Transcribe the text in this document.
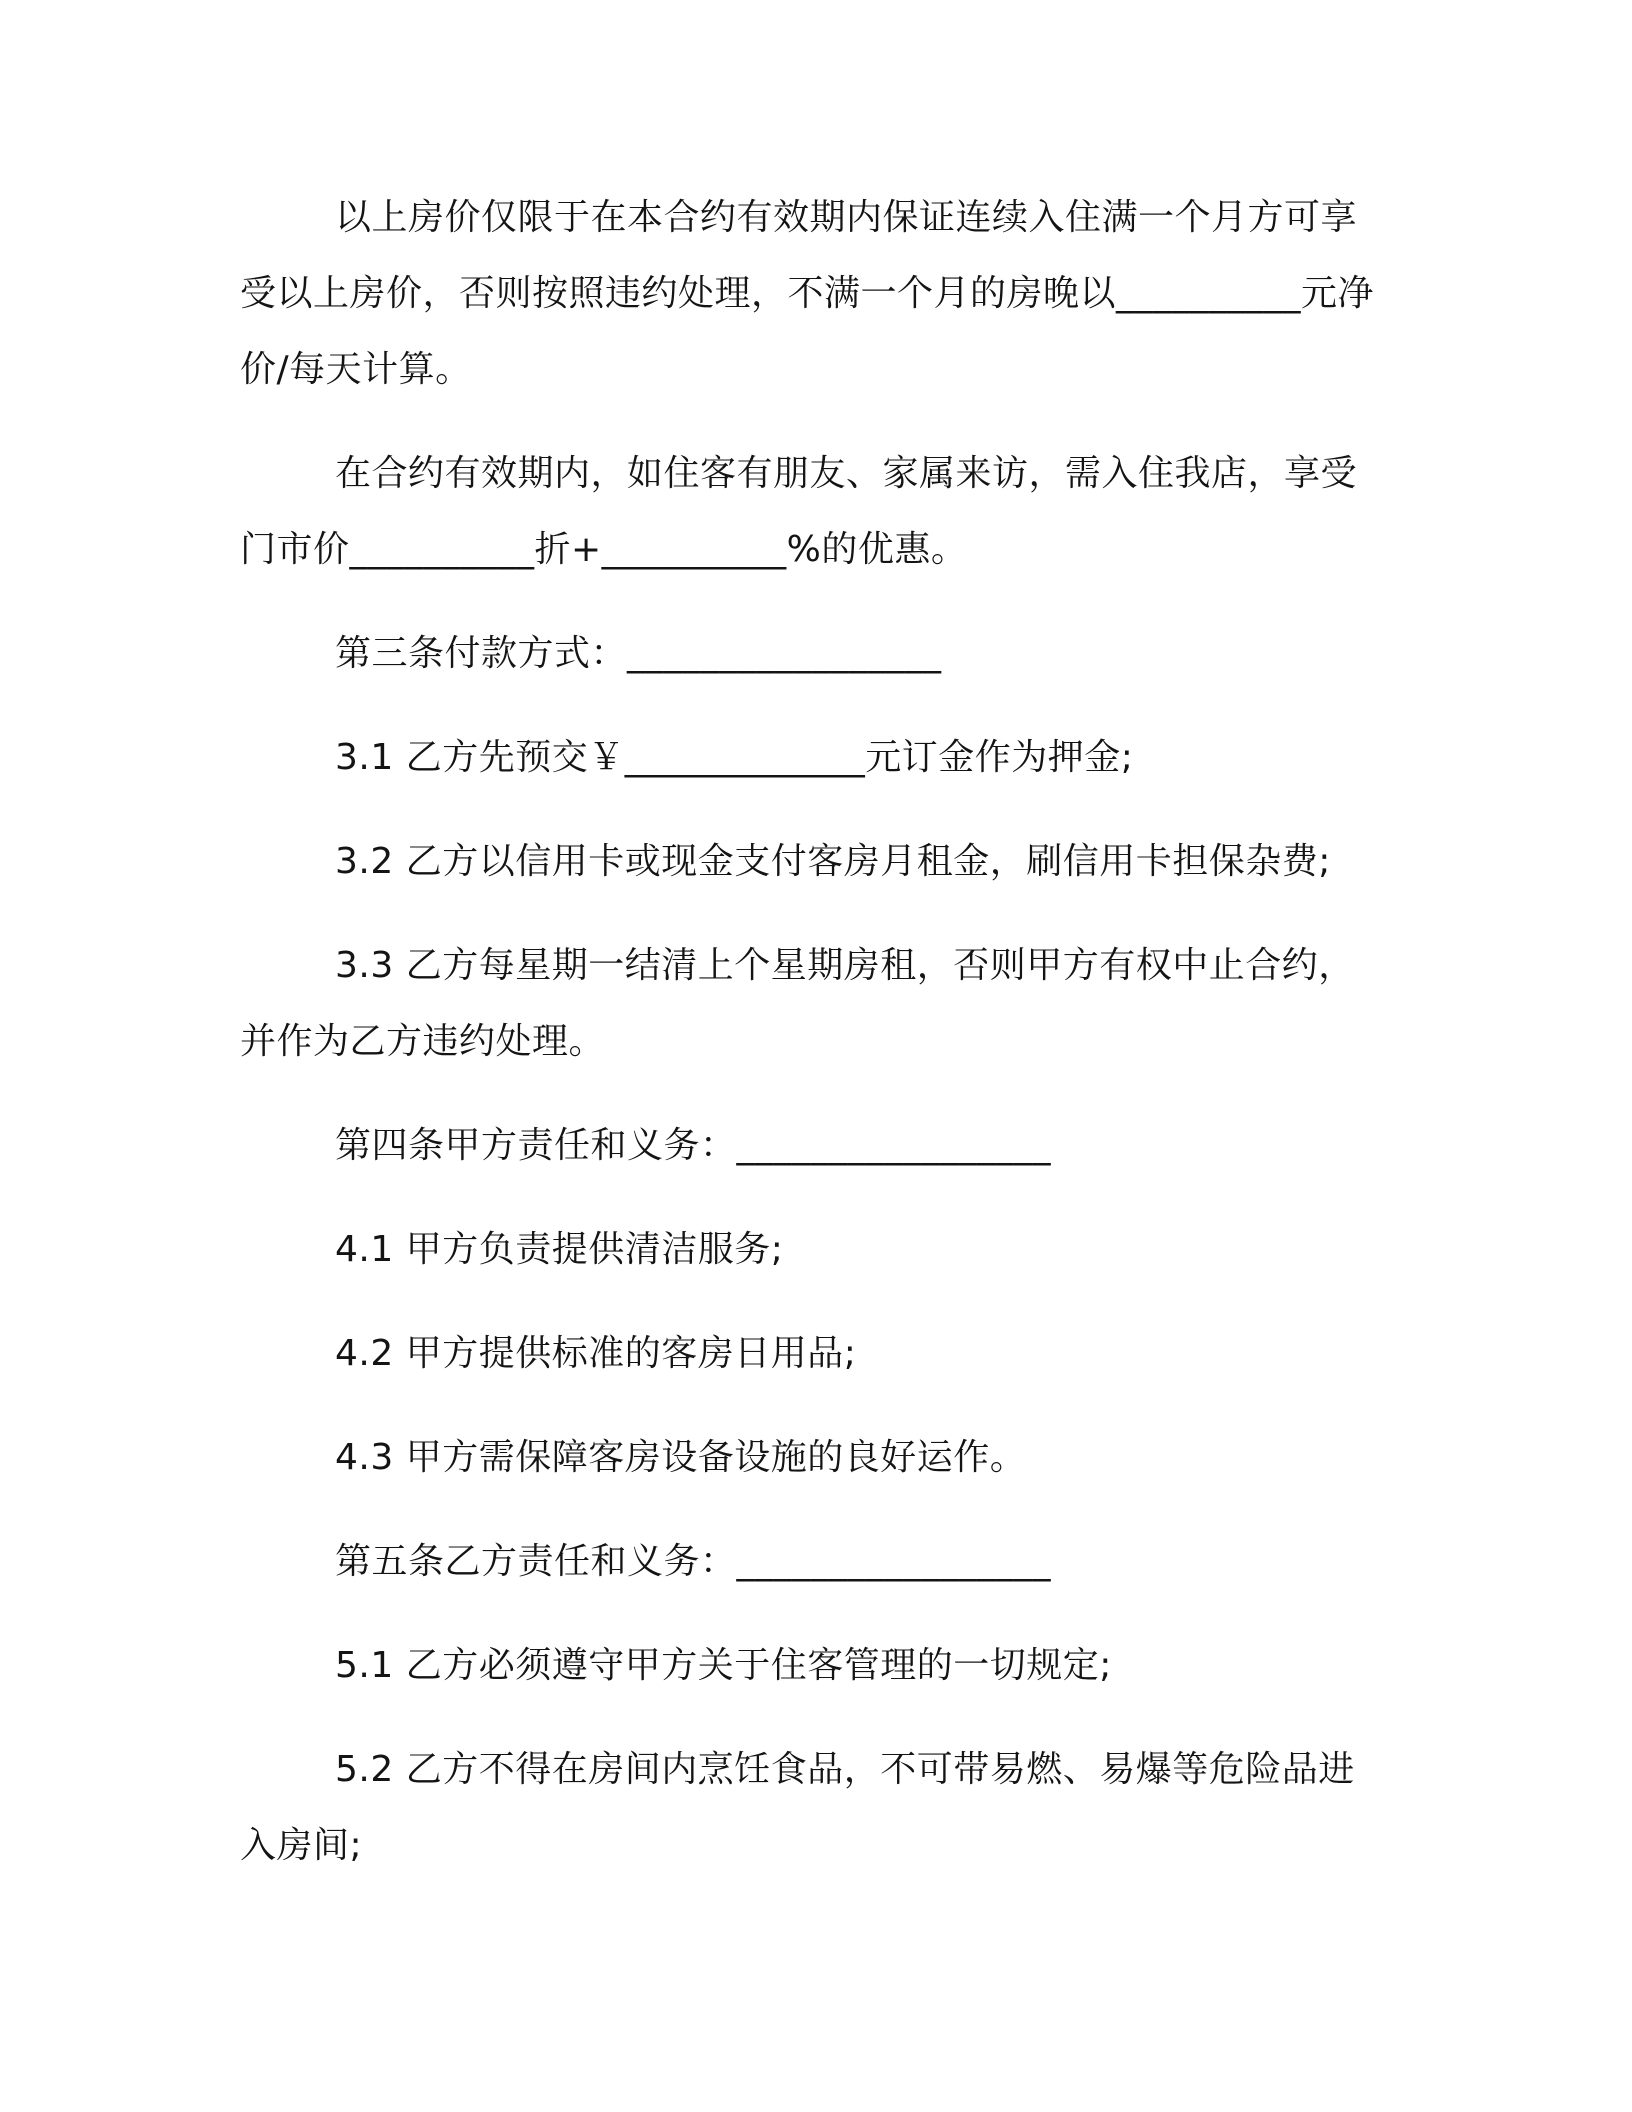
以上房价仅限于在本合约有效期内保证连续入住满一个月方可享受以上房价，否则按照违约处理，不满一个月的房晚以__________元净价/每天计算。

在合约有效期内，如住客有朋友、家属来访，需入住我店，享受门市价__________折+__________%的优惠。

第三条付款方式：_________________

3.1 乙方先预交￥_____________元订金作为押金;

3.2 乙方以信用卡或现金支付客房月租金，刷信用卡担保杂费;

3.3 乙方每星期一结清上个星期房租，否则甲方有权中止合约，并作为乙方违约处理。

第四条甲方责任和义务：_________________

4.1 甲方负责提供清洁服务;

4.2 甲方提供标准的客房日用品;

4.3 甲方需保障客房设备设施的良好运作。

第五条乙方责任和义务：_________________

5.1 乙方必须遵守甲方关于住客管理的一切规定;

5.2 乙方不得在房间内烹饪食品，不可带易燃、易爆等危险品进入房间;
